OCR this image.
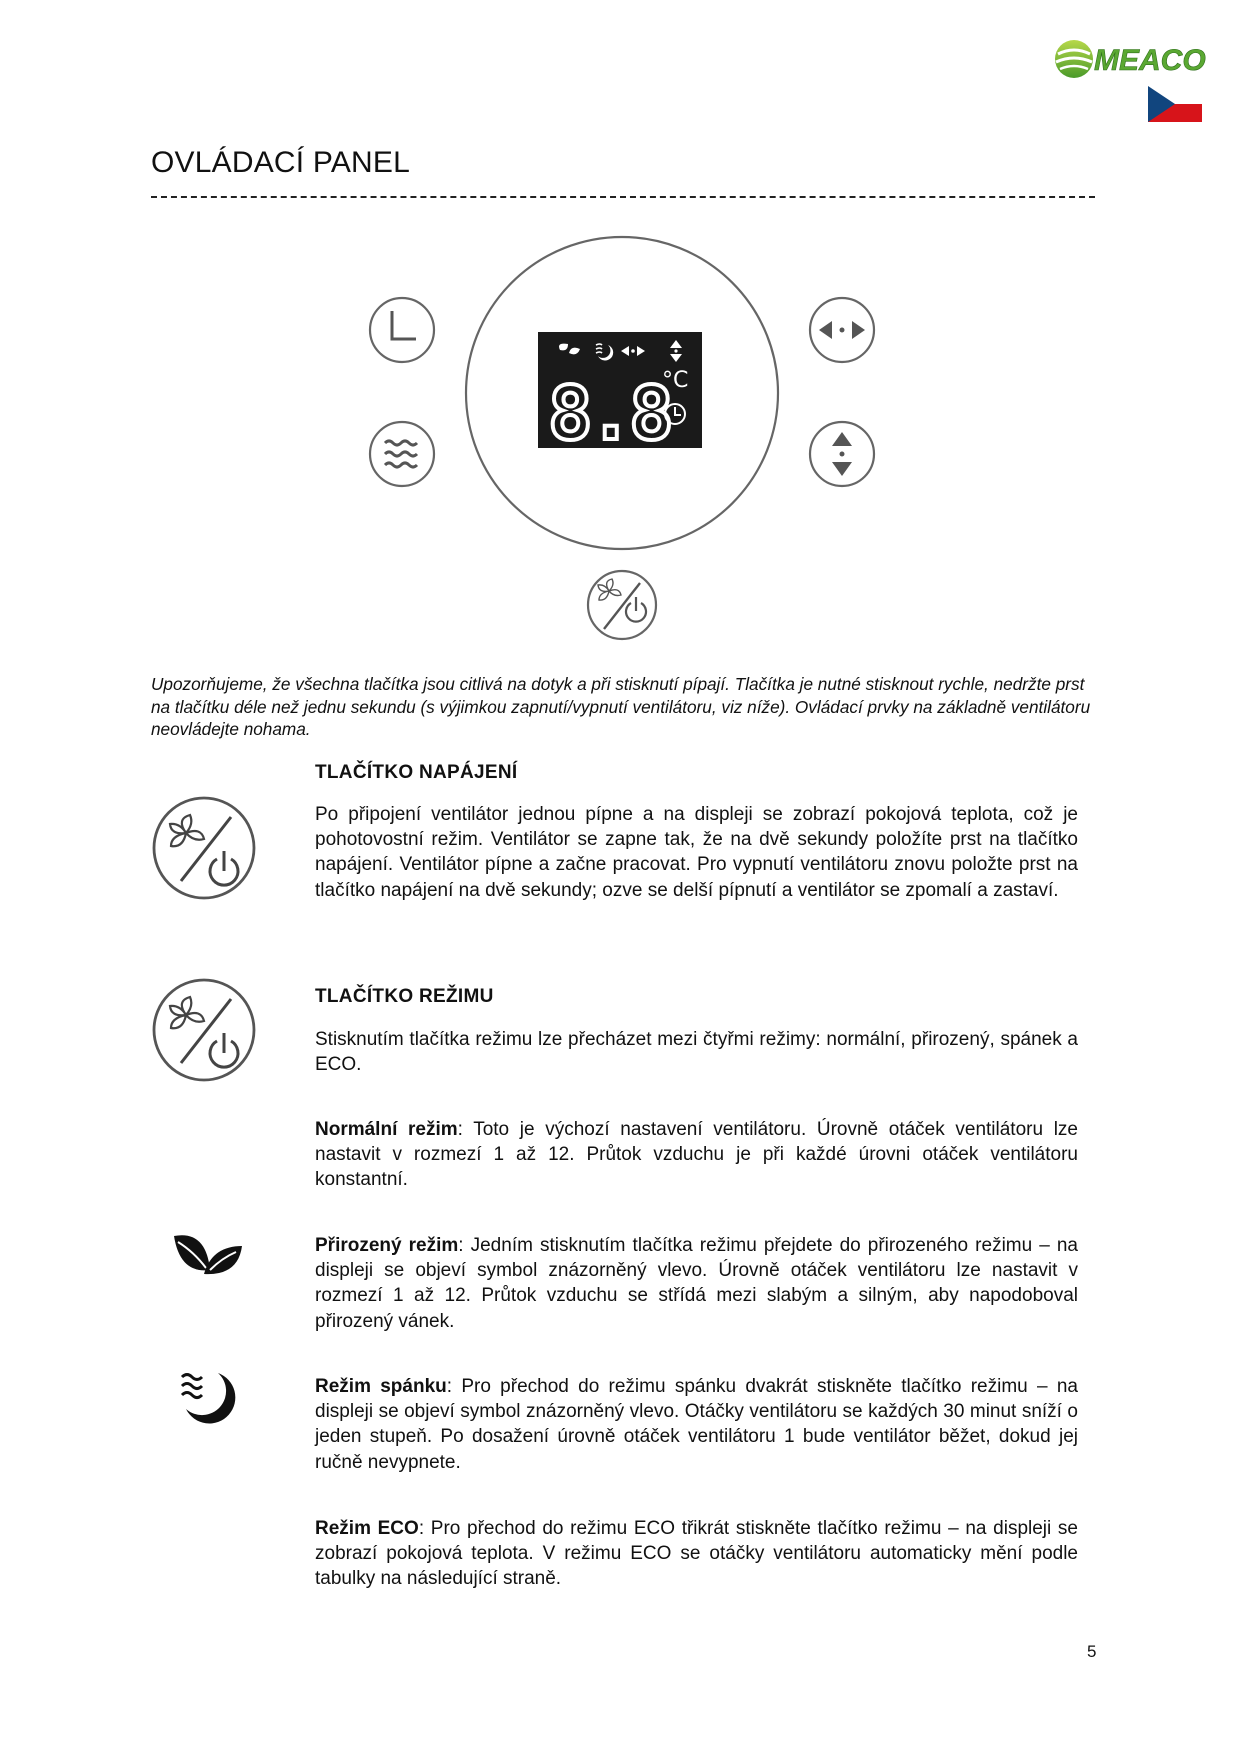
MEACO
OVLÁDACÍ PANEL
8.8
°C

Upozorňujeme, že všechna tlačítka jsou citlivá na dotyk a při stisknutí pípají. Tlačítka je nutné stisknout rychle, nedržte prst na tlačítku déle než jednu sekundu (s výjimkou zapnutí/vypnutí ventilátoru, viz níže). Ovládací prvky na základně ventilátoru neovládejte nohama.

TLAČÍTKO NAPÁJENÍ

Po připojení ventilátor jednou pípne a na displeji se zobrazí pokojová teplota, což je pohotovostní režim. Ventilátor se zapne tak, že na dvě sekundy položíte prst na tlačítko napájení. Ventilátor pípne a začne pracovat. Pro vypnutí ventilátoru znovu položte prst na tlačítko napájení na dvě sekundy; ozve se delší pípnutí a ventilátor se zpomalí a zastaví.

TLAČÍTKO REŽIMU

Stisknutím tlačítka režimu lze přecházet mezi čtyřmi režimy: normální, přirozený, spánek a ECO.

Normální režim: Toto je výchozí nastavení ventilátoru. Úrovně otáček ventilátoru lze nastavit v rozmezí 1 až 12. Průtok vzduchu je při každé úrovni otáček ventilátoru konstantní.

Přirozený režim: Jedním stisknutím tlačítka režimu přejdete do přirozeného režimu – na displeji se objeví symbol znázorněný vlevo. Úrovně otáček ventilátoru lze nastavit v rozmezí 1 až 12. Průtok vzduchu se střídá mezi slabým a silným, aby napodoboval přirozený vánek.

Režim spánku: Pro přechod do režimu spánku dvakrát stiskněte tlačítko režimu – na displeji se objeví symbol znázorněný vlevo. Otáčky ventilátoru se každých 30 minut sníží o jeden stupeň. Po dosažení úrovně otáček ventilátoru 1 bude ventilátor běžet, dokud jej ručně nevypnete.

Režim ECO: Pro přechod do režimu ECO třikrát stiskněte tlačítko režimu – na displeji se zobrazí pokojová teplota. V režimu ECO se otáčky ventilátoru automaticky mění podle tabulky na následující straně.

5
